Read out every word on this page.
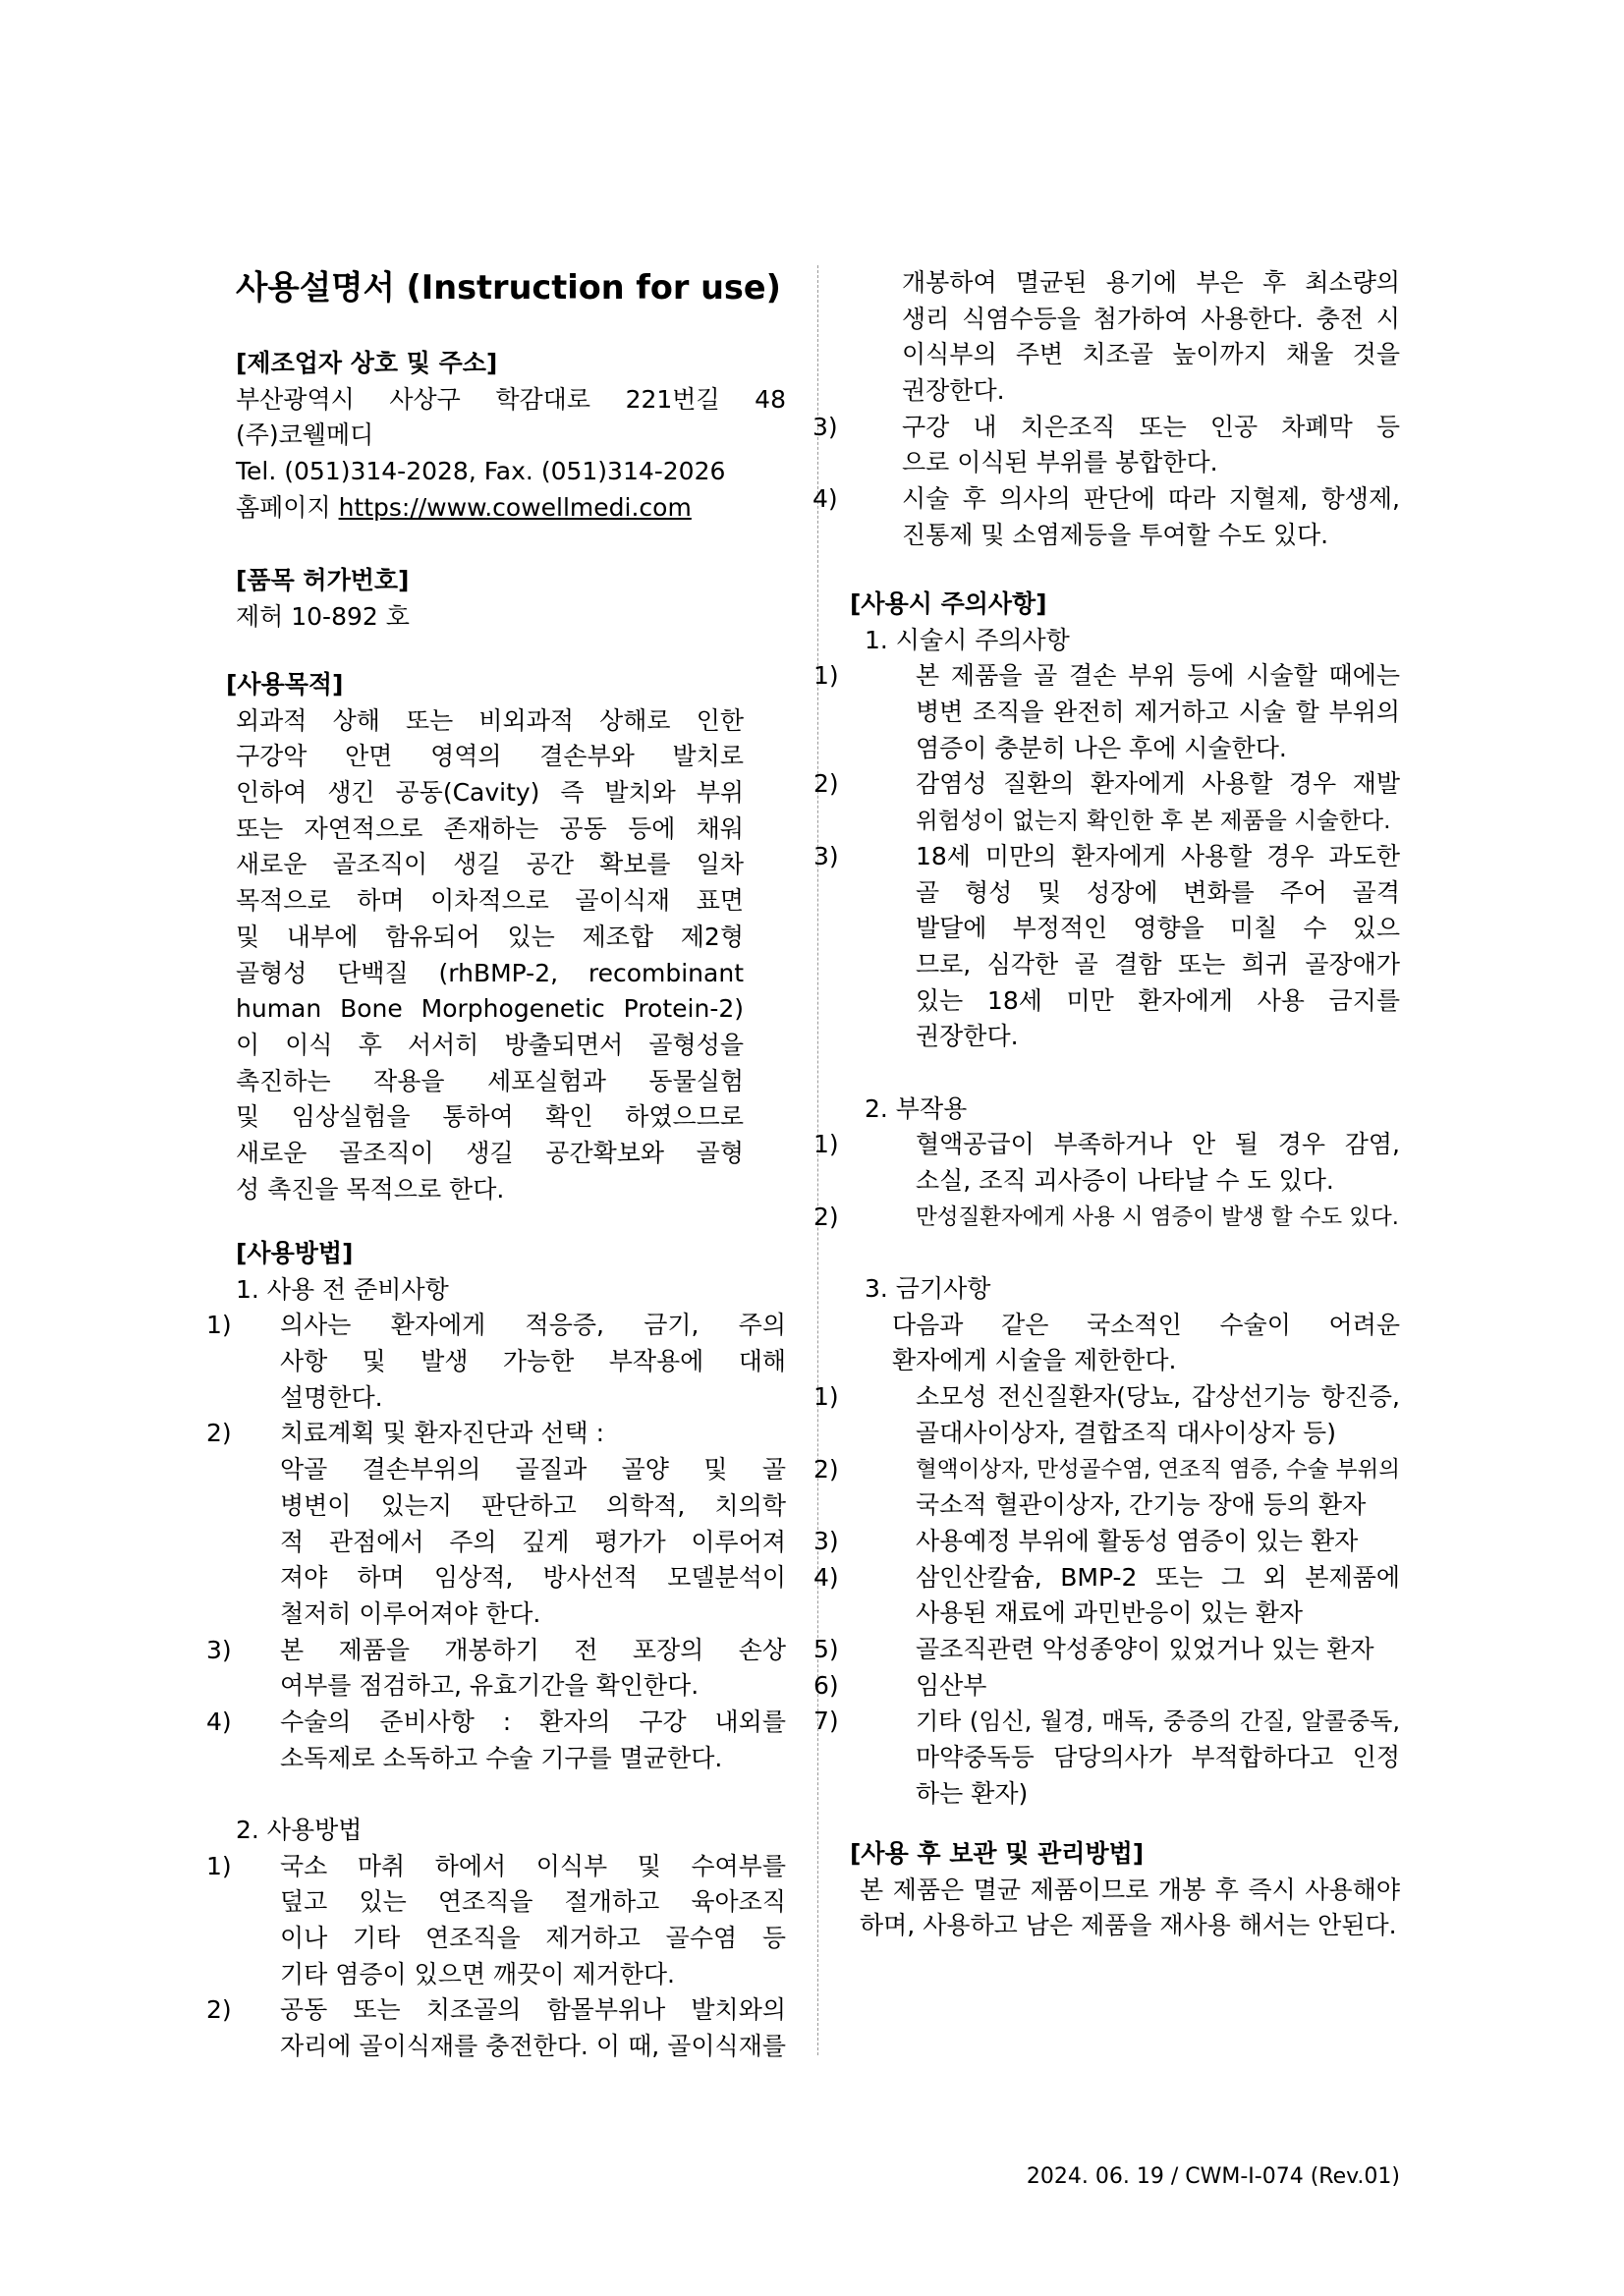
사용설명서 (Instruction for use)
[제조업자 상호 및 주소]
부산광역시 사상구 학감대로 221번길 48
(주)코웰메디
Tel. (051)314-2028, Fax. (051)314-2026
홈페이지 https://www.cowellmedi.com
[품목 허가번호]
제허 10-892 호
[사용목적]
외과적 상해 또는 비외과적 상해로 인한
구강악 안면 영역의 결손부와 발치로
인하여 생긴 공동(Cavity) 즉 발치와 부위
또는 자연적으로 존재하는 공동 등에 채워
새로운 골조직이 생길 공간 확보를 일차
목적으로 하며 이차적으로 골이식재 표면
및 내부에 함유되어 있는 제조합 제2형
골형성 단백질 (rhBMP-2, recombinant
human Bone Morphogenetic Protein-2)
이 이식 후 서서히 방출되면서 골형성을
촉진하는 작용을 세포실험과 동물실험
및 임상실험을 통하여 확인 하였으므로
새로운 골조직이 생길 공간확보와 골형
성 촉진을 목적으로 한다.
[사용방법]
1. 사용 전 준비사항
1) 의사는 환자에게 적응증, 금기, 주의
사항 및 발생 가능한 부작용에 대해
설명한다.
2) 치료계획 및 환자진단과 선택 :
악골 결손부위의 골질과 골양 및 골
병변이 있는지 판단하고 의학적, 치의학
적 관점에서 주의 깊게 평가가 이루어져
져야 하며 임상적, 방사선적 모델분석이
철저히 이루어져야 한다.
3) 본 제품을 개봉하기 전 포장의 손상
여부를 점검하고, 유효기간을 확인한다.
4) 수술의 준비사항 : 환자의 구강 내외를
소독제로 소독하고 수술 기구를 멸균한다.
2. 사용방법
1) 국소 마취 하에서 이식부 및 수여부를
덮고 있는 연조직을 절개하고 육아조직
이나 기타 연조직을 제거하고 골수염 등
기타 염증이 있으면 깨끗이 제거한다.
2) 공동 또는 치조골의 함몰부위나 발치와의
자리에 골이식재를 충전한다. 이 때, 골이식재를
개봉하여 멸균된 용기에 부은 후 최소량의
생리 식염수등을 첨가하여 사용한다. 충전 시
이식부의 주변 치조골 높이까지 채울 것을
권장한다.
3)	구강 내 치은조직 또는 인공 차폐막 등
으로 이식된 부위를 봉합한다.
4)	시술 후 의사의 판단에 따라 지혈제, 항생제,
진통제 및 소염제등을 투여할 수도 있다.
[사용시 주의사항]
1. 시술시 주의사항
1)	본 제품을 골 결손 부위 등에 시술할 때에는
병변 조직을 완전히 제거하고 시술 할 부위의
염증이 충분히 나은 후에 시술한다.
2)	감염성 질환의 환자에게 사용할 경우 재발
위험성이 없는지 확인한 후 본 제품을 시술한다.
3)	18세 미만의 환자에게 사용할 경우 과도한
골 형성 및 성장에 변화를 주어 골격
발달에 부정적인 영향을 미칠 수 있으
므로, 심각한 골 결함 또는 희귀 골장애가
있는 18세 미만 환자에게 사용 금지를
권장한다.
2. 부작용
1)	혈액공급이 부족하거나 안 될 경우 감염,
소실, 조직 괴사증이 나타날 수 도 있다.
2)	만성질환자에게 사용 시 염증이 발생 할 수도 있다.
3. 금기사항
다음과 같은 국소적인 수술이 어려운
환자에게 시술을 제한한다.
1)	소모성 전신질환자(당뇨, 갑상선기능 항진증,
골대사이상자, 결합조직 대사이상자 등)
2)	혈액이상자, 만성골수염, 연조직 염증, 수술 부위의
국소적 혈관이상자, 간기능 장애 등의 환자
3)	사용예정 부위에 활동성 염증이 있는 환자
4)	삼인산칼슘, BMP-2 또는 그 외 본제품에
사용된 재료에 과민반응이 있는 환자
5)	골조직관련 악성종양이 있었거나 있는 환자
6)	임산부
7)	기타 (임신, 월경, 매독, 중증의 간질, 알콜중독,
마약중독등 담당의사가 부적합하다고 인정
하는 환자)
[사용 후 보관 및 관리방법]
본 제품은 멸균 제품이므로 개봉 후 즉시 사용해야
하며, 사용하고 남은 제품을 재사용 해서는 안된다.
2024. 06. 19 / CWM-I-074 (Rev.01)
